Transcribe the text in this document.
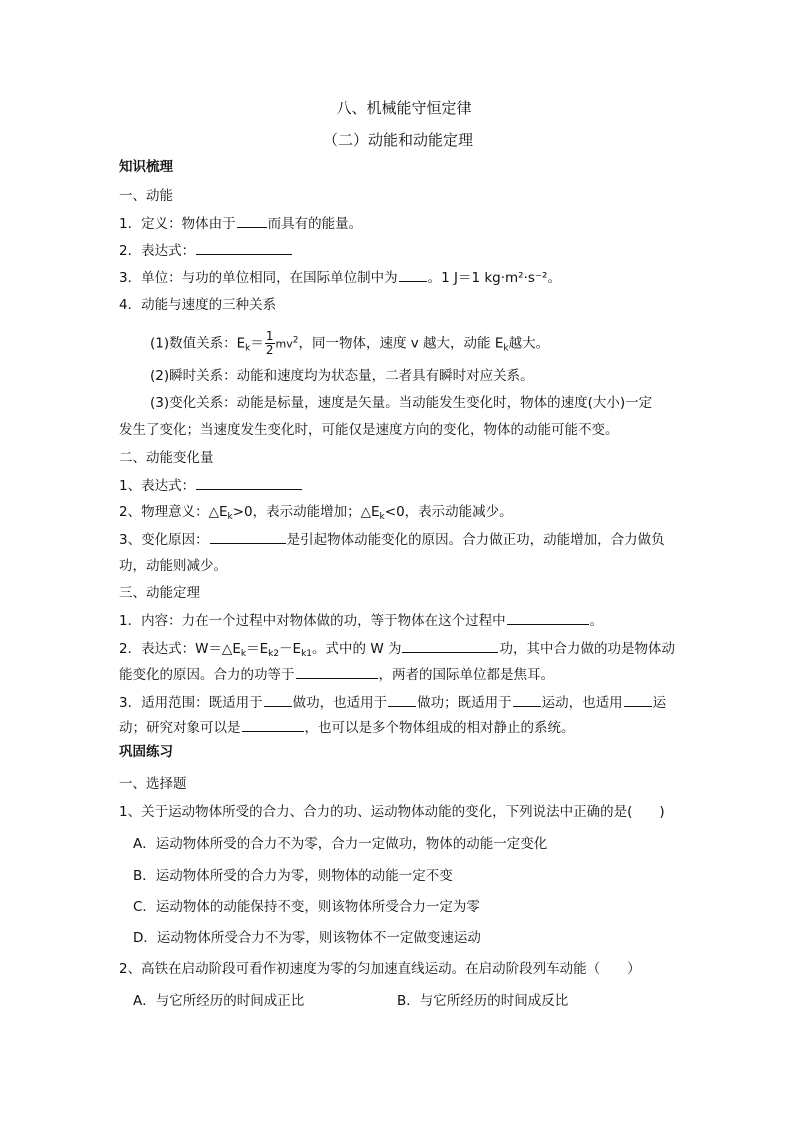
八、机械能守恒定律
（二）动能和动能定理
知识梳理
一、动能
1．定义：物体由于 而具有的能量。
2．表达式：
3．单位：与功的单位相同，在国际单位制中为 。1 J＝1 kg·m²·s⁻²。
4．动能与速度的三种关系
(1)数值关系：$E_k= \frac{1}{2} mv^2$，同一物体，速度 v 越大，动能 $E_k$越大。
(2)瞬时关系：动能和速度均为状态量，二者具有瞬时对应关系。
(3)变化关系：动能是标量，速度是矢量。当动能发生变化时，物体的速度(大小)一定
发生了变化；当速度发生变化时，可能仅是速度方向的变化，物体的动能可能不变。
二、动能变化量
1、表达式：
2、物理意义：$\triangle E_k>0$，表示动能增加；$\triangle E_k<0$，表示动能减少。
3、变化原因：	是引起物体动能变化的原因。合力做正功，动能增加，合力做负
功，动能则减少。
三、动能定理
1．内容：力在一个过程中对物体做的功，等于物体在这个过程中	。
2．表达式：$W=\triangle E_k=E_{k2}-E_{k1}$。式中的 W 为	功，其中合力做的功是物体动
能变化的原因。合力的功等于	，两者的国际单位都是焦耳。
3．适用范围：既适用于 做功，也适用于 做功；既适用于 运动，也适用 运
动；研究对象可以是	，也可以是多个物体组成的相对静止的系统。
巩固练习
一、选择题
1、关于运动物体所受的合力、合力的功、运动物体动能的变化，下列说法中正确的是(　　)
A．运动物体所受的合力不为零，合力一定做功，物体的动能一定变化
B．运动物体所受的合力为零，则物体的动能一定不变
C．运动物体的动能保持不变，则该物体所受合力一定为零
D．运动物体所受合力不为零，则该物体不一定做变速运动
2、高铁在启动阶段可看作初速度为零的匀加速直线运动。在启动阶段列车动能（　　）
A．与它所经历的时间成正比	B．与它所经历的时间成反比
